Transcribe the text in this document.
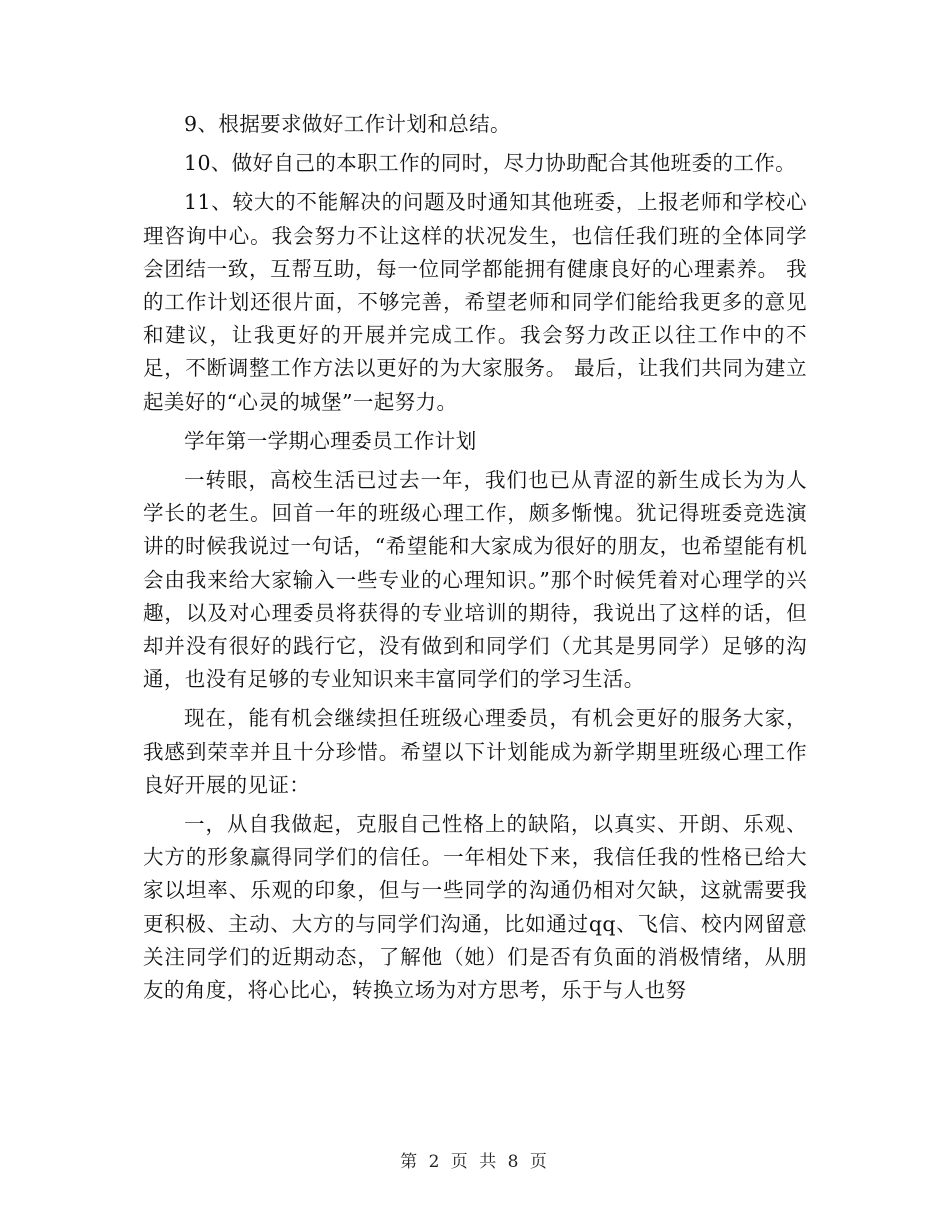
9、根据要求做好工作计划和总结。

10、做好自己的本职工作的同时，尽力协助配合其他班委的工作。

11、较大的不能解决的问题及时通知其他班委，上报老师和学校心理咨询中心。我会努力不让这样的状况发生，也信任我们班的全体同学会团结一致，互帮互助，每一位同学都能拥有健康良好的心理素养。 我的工作计划还很片面，不够完善，希望老师和同学们能给我更多的意见和建议，让我更好的开展并完成工作。我会努力改正以往工作中的不足，不断调整工作方法以更好的为大家服务。 最后，让我们共同为建立起美好的“心灵的城堡”一起努力。

学年第一学期心理委员工作计划

一转眼，高校生活已过去一年，我们也已从青涩的新生成长为为人学长的老生。回首一年的班级心理工作，颇多惭愧。犹记得班委竞选演讲的时候我说过一句话，“希望能和大家成为很好的朋友，也希望能有机会由我来给大家输入一些专业的心理知识。”那个时候凭着对心理学的兴趣，以及对心理委员将获得的专业培训的期待，我说出了这样的话，但却并没有很好的践行它，没有做到和同学们（尤其是男同学）足够的沟通，也没有足够的专业知识来丰富同学们的学习生活。

现在，能有机会继续担任班级心理委员，有机会更好的服务大家，我感到荣幸并且十分珍惜。希望以下计划能成为新学期里班级心理工作良好开展的见证：

一，从自我做起，克服自己性格上的缺陷，以真实、开朗、乐观、大方的形象赢得同学们的信任。一年相处下来，我信任我的性格已给大家以坦率、乐观的印象，但与一些同学的沟通仍相对欠缺，这就需要我更积极、主动、大方的与同学们沟通，比如通过qq、飞信、校内网留意关注同学们的近期动态，了解他（她）们是否有负面的消极情绪，从朋友的角度，将心比心，转换立场为对方思考，乐于与人也努

第 2 页 共 8 页
